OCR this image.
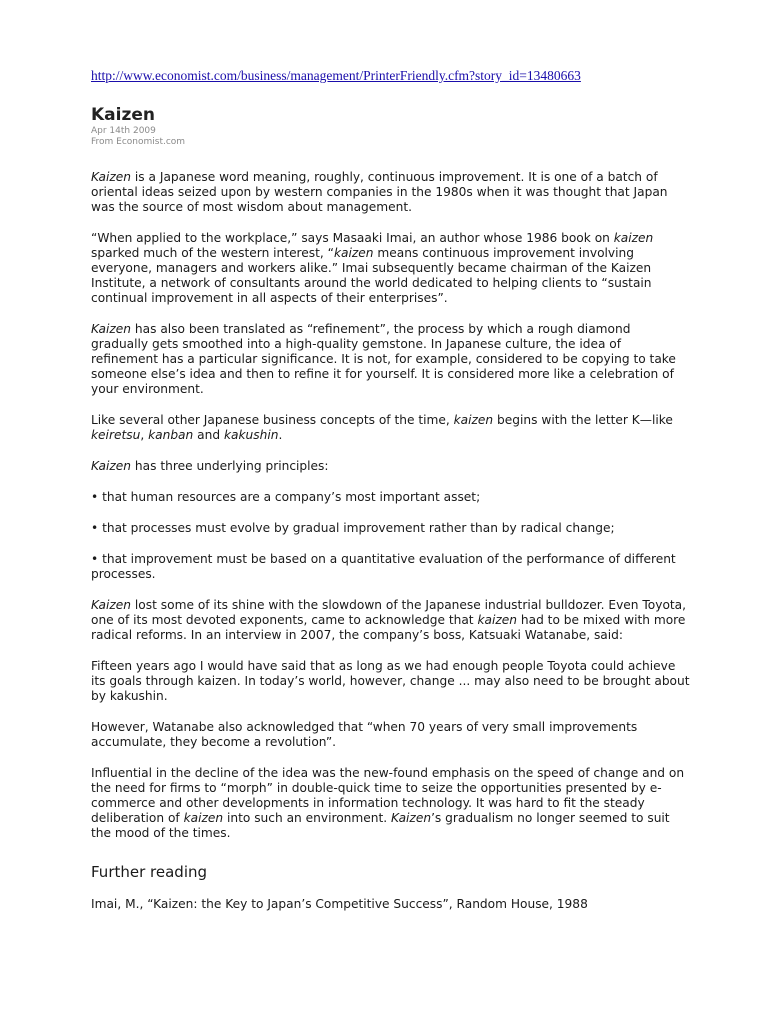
http://www.economist.com/business/management/PrinterFriendly.cfm?story_id=13480663
Kaizen
Apr 14th 2009
From Economist.com

Kaizen is a Japanese word meaning, roughly, continuous improvement. It is one of a batch of oriental ideas seized upon by western companies in the 1980s when it was thought that Japan was the source of most wisdom about management.

“When applied to the workplace,” says Masaaki Imai, an author whose 1986 book on kaizen sparked much of the western interest, “kaizen means continuous improvement involving everyone, managers and workers alike.” Imai subsequently became chairman of the Kaizen Institute, a network of consultants around the world dedicated to helping clients to “sustain continual improvement in all aspects of their enterprises”.

Kaizen has also been translated as “refinement”, the process by which a rough diamond gradually gets smoothed into a high-quality gemstone. In Japanese culture, the idea of refinement has a particular significance. It is not, for example, considered to be copying to take someone else’s idea and then to refine it for yourself. It is considered more like a celebration of your environment.

Like several other Japanese business concepts of the time, kaizen begins with the letter K—like keiretsu, kanban and kakushin.

Kaizen has three underlying principles:

• that human resources are a company’s most important asset;

• that processes must evolve by gradual improvement rather than by radical change;

• that improvement must be based on a quantitative evaluation of the performance of different processes.

Kaizen lost some of its shine with the slowdown of the Japanese industrial bulldozer. Even Toyota, one of its most devoted exponents, came to acknowledge that kaizen had to be mixed with more radical reforms. In an interview in 2007, the company’s boss, Katsuaki Watanabe, said:

Fifteen years ago I would have said that as long as we had enough people Toyota could achieve its goals through kaizen. In today’s world, however, change ... may also need to be brought about by kakushin.

However, Watanabe also acknowledged that “when 70 years of very small improvements accumulate, they become a revolution”.

Influential in the decline of the idea was the new-found emphasis on the speed of change and on the need for firms to “morph” in double-quick time to seize the opportunities presented by e-commerce and other developments in information technology. It was hard to fit the steady deliberation of kaizen into such an environment. Kaizen’s gradualism no longer seemed to suit the mood of the times.

Further reading
Imai, M., “Kaizen: the Key to Japan’s Competitive Success”, Random House, 1988
